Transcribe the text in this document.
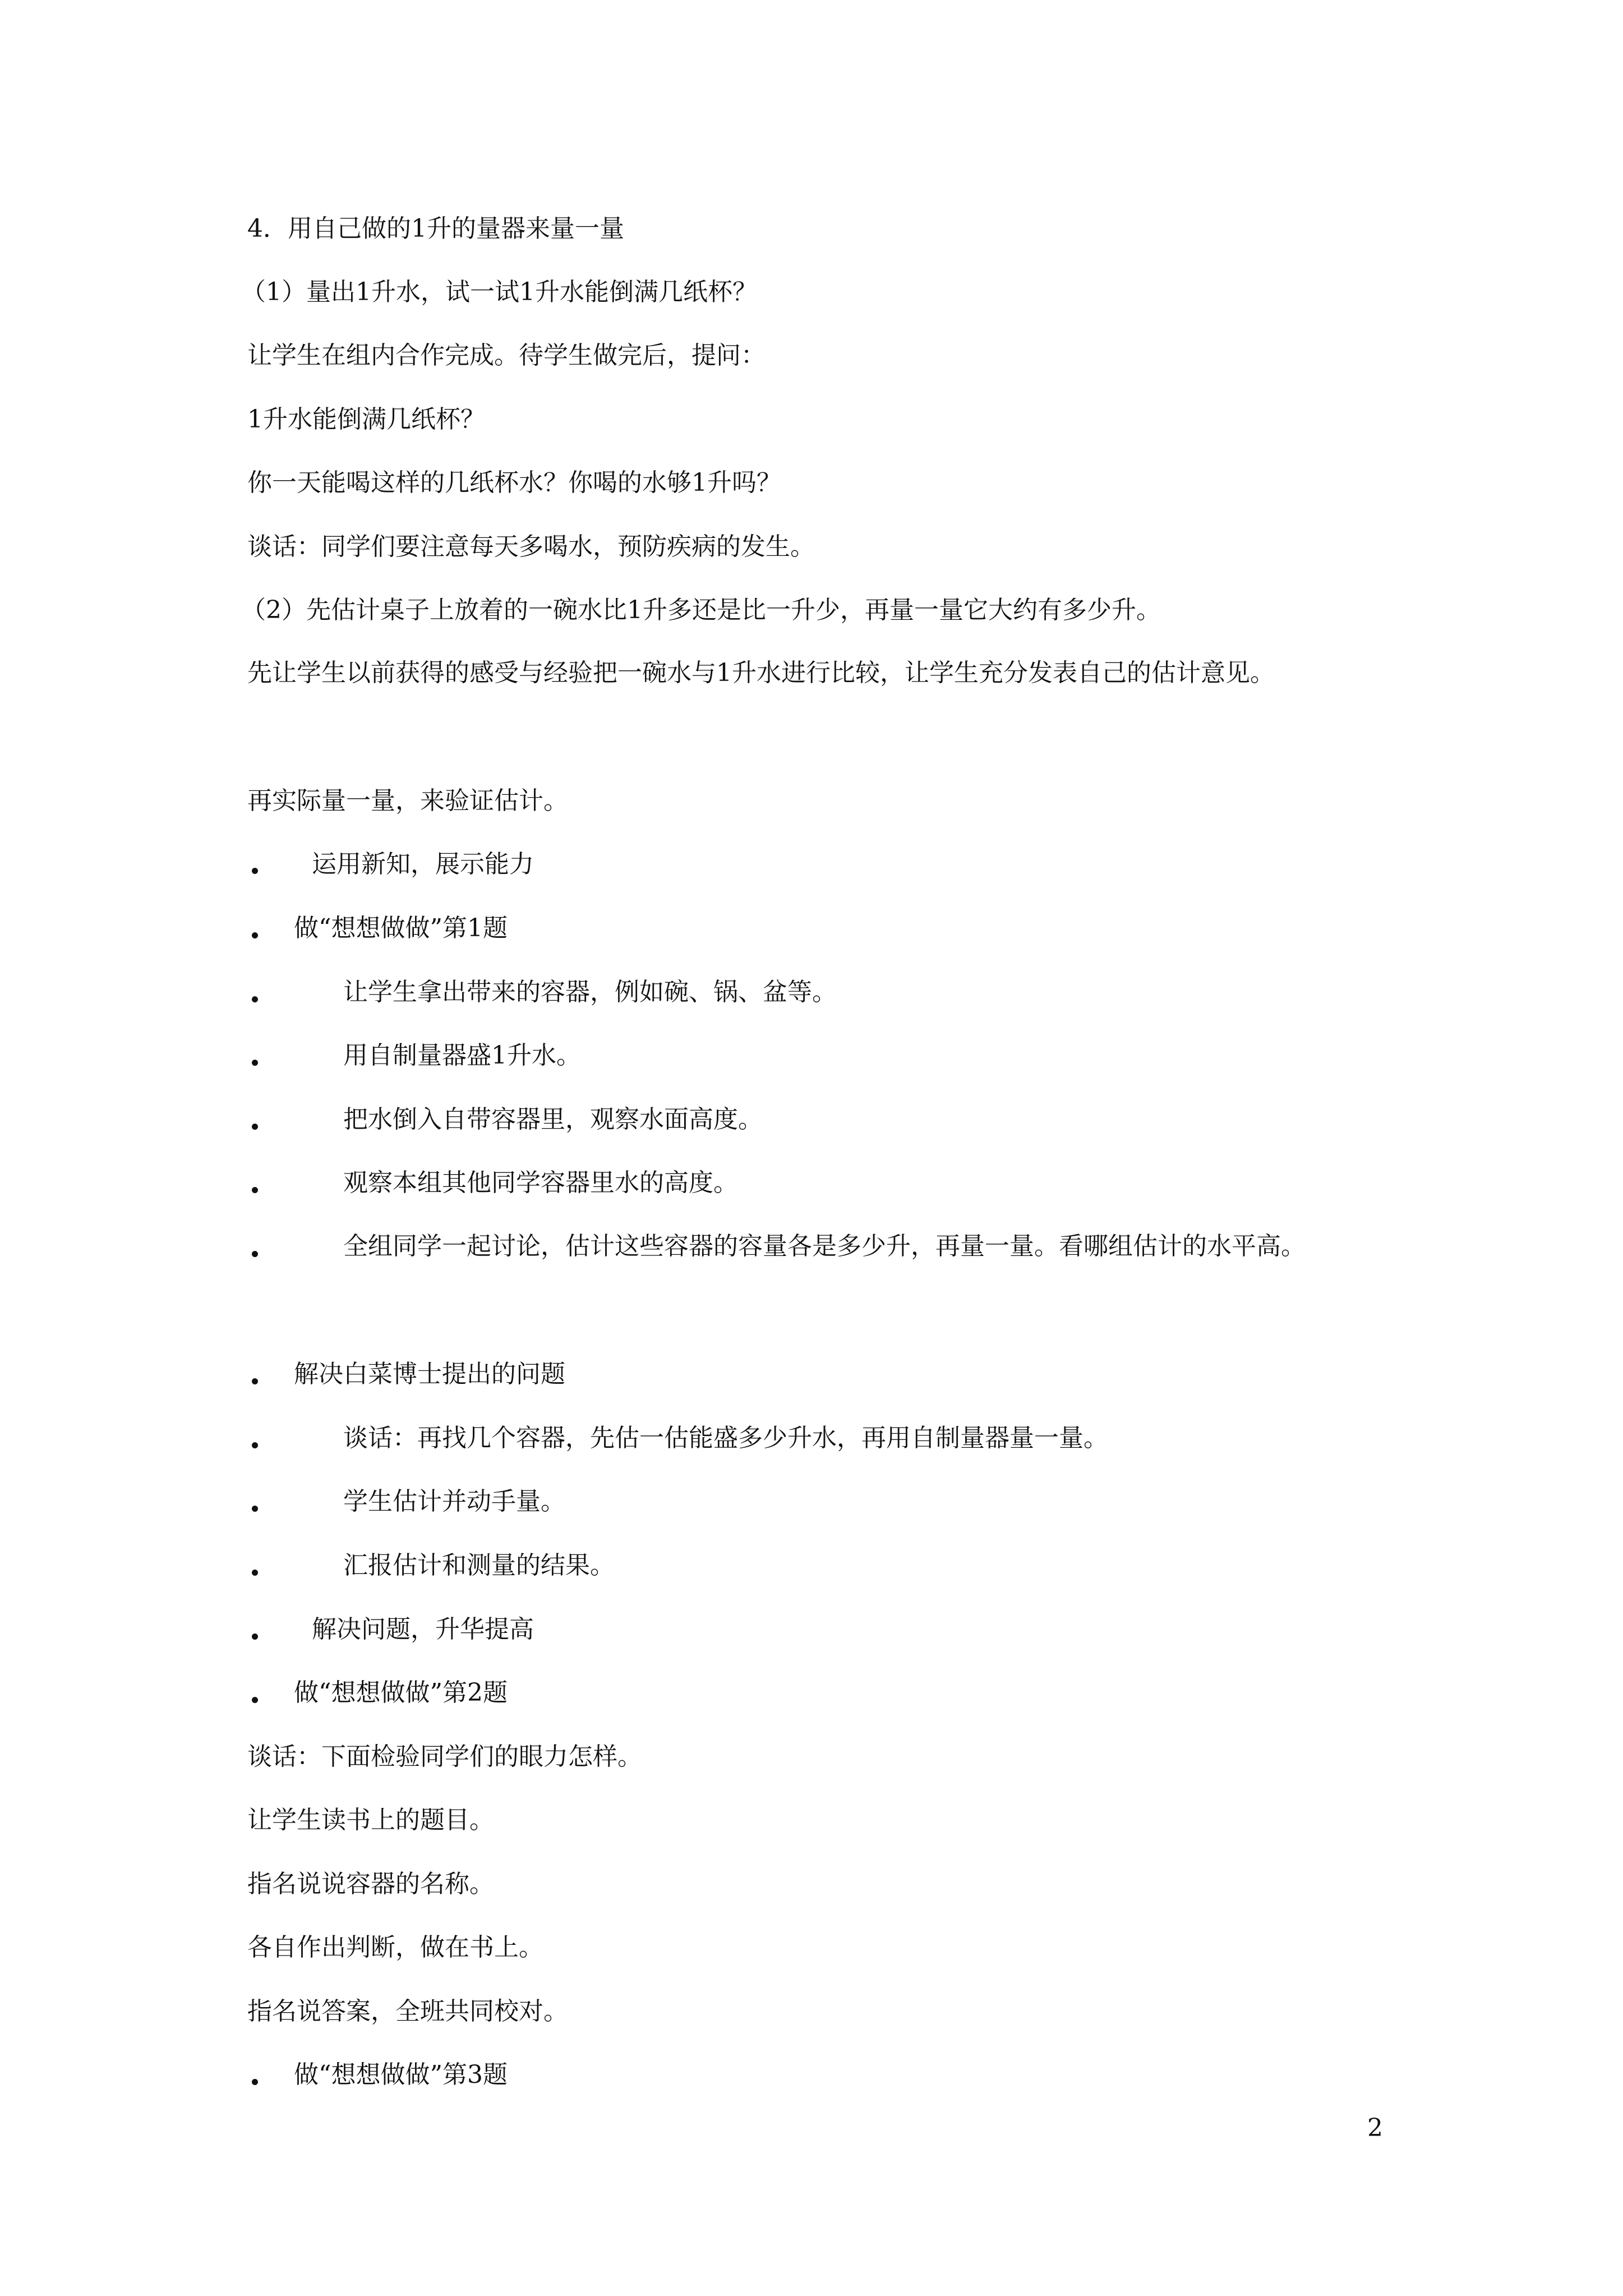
4．用自己做的1升的量器来量一量
（1）量出1升水，试一试1升水能倒满几纸杯？
让学生在组内合作完成。待学生做完后，提问：
1升水能倒满几纸杯？
你一天能喝这样的几纸杯水？你喝的水够1升吗？
谈话：同学们要注意每天多喝水，预防疾病的发生。
（2）先估计桌子上放着的一碗水比1升多还是比一升少，再量一量它大约有多少升。
先让学生以前获得的感受与经验把一碗水与1升水进行比较，让学生充分发表自己的估计意见。
再实际量一量，来验证估计。
运用新知，展示能力
做“想想做做”第1题
让学生拿出带来的容器，例如碗、锅、盆等。
用自制量器盛1升水。
把水倒入自带容器里，观察水面高度。
观察本组其他同学容器里水的高度。
全组同学一起讨论，估计这些容器的容量各是多少升，再量一量。看哪组估计的水平高。
解决白菜博士提出的问题
谈话：再找几个容器，先估一估能盛多少升水，再用自制量器量一量。
学生估计并动手量。
汇报估计和测量的结果。
解决问题，升华提高
做“想想做做”第2题
谈话：下面检验同学们的眼力怎样。
让学生读书上的题目。
指名说说容器的名称。
各自作出判断，做在书上。
指名说答案，全班共同校对。
做“想想做做”第3题
2
